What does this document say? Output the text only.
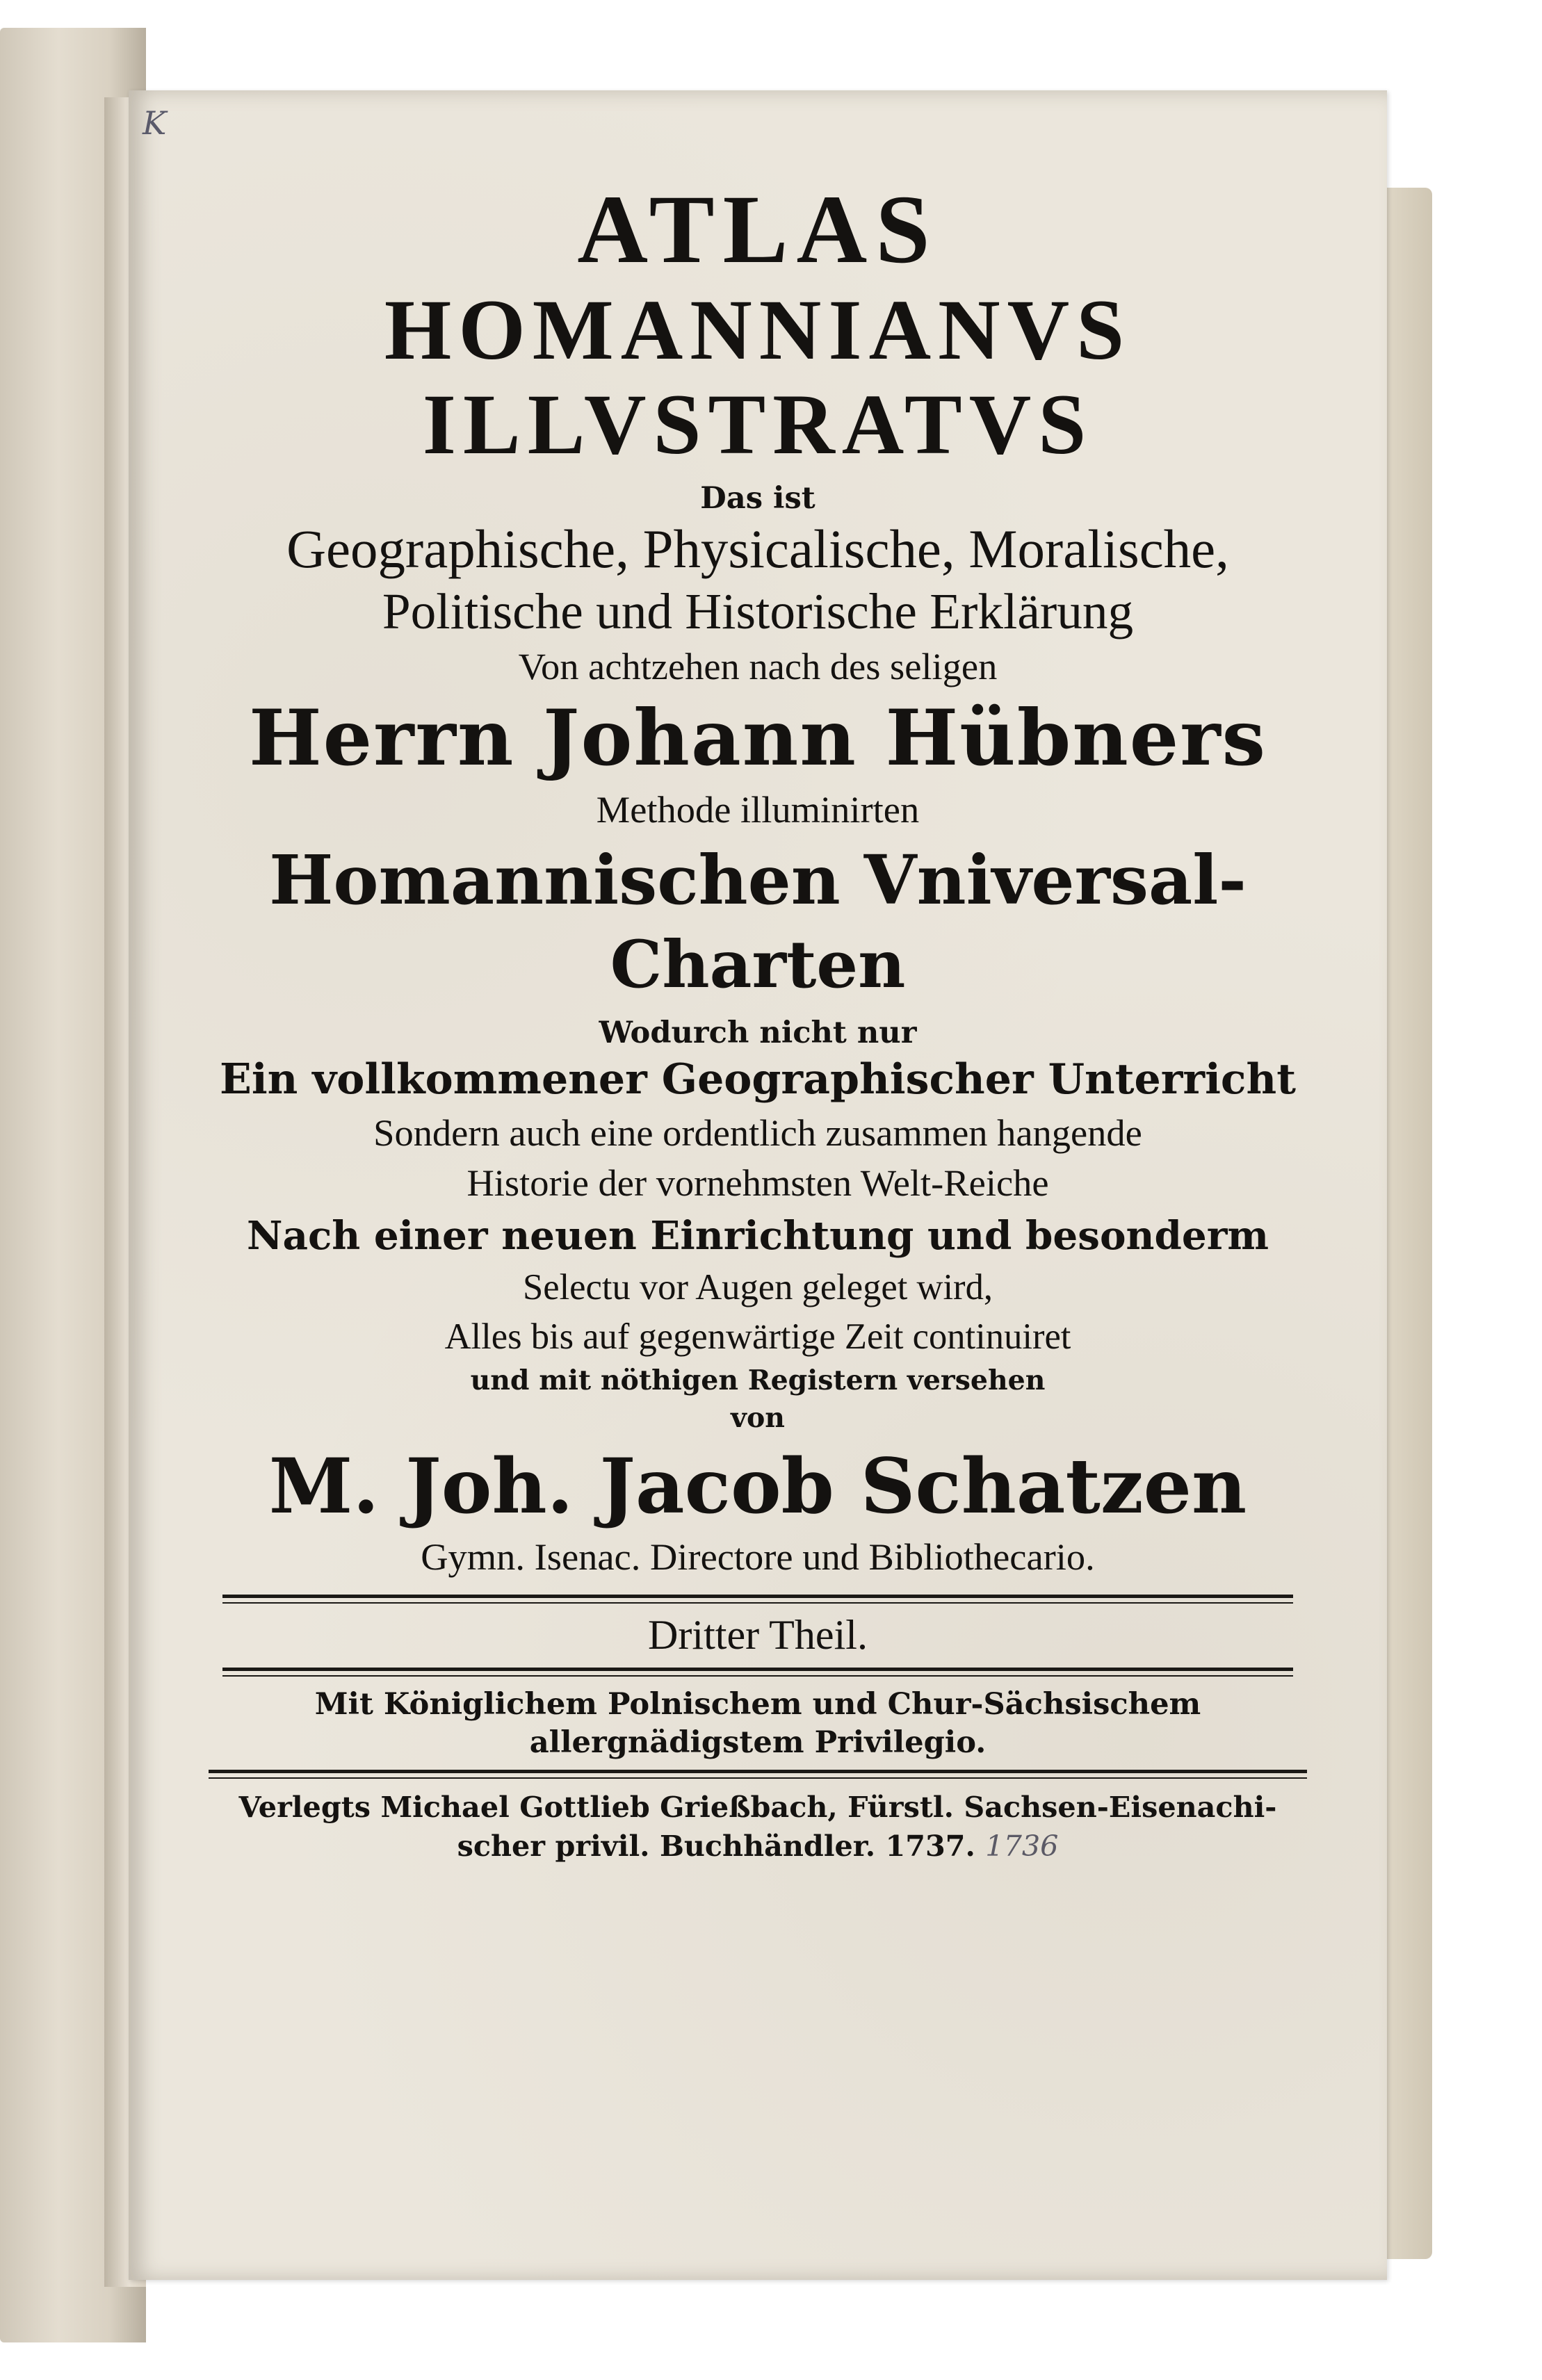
K
ATLAS
HOMANNIANVS
ILLVSTRATVS
Das ist
Geographische, Physicalische, Moralische,
Politische und Historische Erklärung
Von achtzehen nach des seligen
Herrn Johann Hübners
Methode illuminirten
Homannischen Vniversal-
Charten
Wodurch nicht nur
Ein vollkommener Geographischer Unterricht
Sondern auch eine ordentlich zusammen hangende
Historie der vornehmsten Welt-Reiche
Nach einer neuen Einrichtung und besonderm
Selectu vor Augen geleget wird,
Alles bis auf gegenwärtige Zeit continuiret
und mit nöthigen Registern versehen
von
M. Joh. Jacob Schatzen
Gymn. Isenac. Directore und Bibliothecario.
Dritter Theil.
Mit Königlichem Polnischem und Chur-Sächsischem
allergnädigstem Privilegio.
Verlegts Michael Gottlieb Grießbach, Fürstl. Sachsen-Eisenachi-
scher privil. Buchhändler. 1737. 1736
